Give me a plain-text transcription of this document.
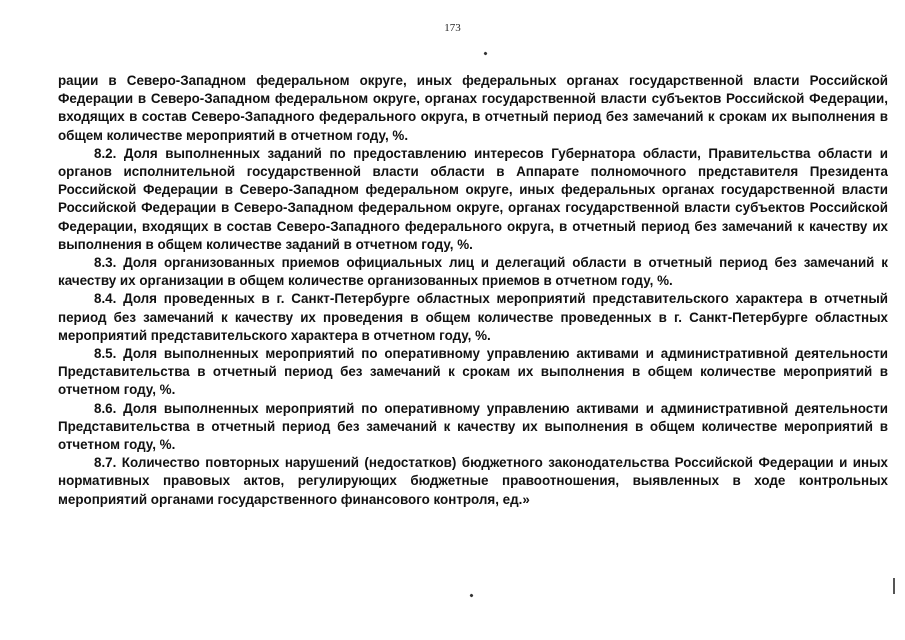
173

рации в Северо-Западном федеральном округе, иных федеральных органах государственной власти Российской Федерации в Северо-Западном федеральном округе, органах государственной власти субъектов Российской Федерации, входящих в состав Северо-Западного федерального округа, в отчетный период без замечаний к срокам их выполнения в общем количестве мероприятий в отчетном году, %.

8.2. Доля выполненных заданий по предоставлению интересов Губернатора области, Правительства области и органов исполнительной государственной власти области в Аппарате полномочного представителя Президента Российской Федерации в Северо-Западном федеральном округе, иных федеральных органах государственной власти Российской Федерации в Северо-Западном федеральном округе, органах государственной власти субъектов Российской Федерации, входящих в состав Северо-Западного федерального округа, в отчетный период без замечаний к качеству их выполнения в общем количестве заданий в отчетном году, %.

8.3. Доля организованных приемов официальных лиц и делегаций области в отчетный период без замечаний к качеству их организации в общем количестве организованных приемов в отчетном году, %.

8.4. Доля проведенных в г. Санкт-Петербурге областных мероприятий представительского характера в отчетный период без замечаний к качеству их проведения в общем количестве проведенных в г. Санкт-Петербурге областных мероприятий представительского характера в отчетном году, %.

8.5. Доля выполненных мероприятий по оперативному управлению активами и административной деятельности Представительства в отчетный период без замечаний к срокам их выполнения в общем количестве мероприятий в отчетном году, %.

8.6. Доля выполненных мероприятий по оперативному управлению активами и административной деятельности Представительства в отчетный период без замечаний к качеству их выполнения в общем количестве мероприятий в отчетном году, %.

8.7. Количество повторных нарушений (недостатков) бюджетного законодательства Российской Федерации и иных нормативных правовых актов, регулирующих бюджетные правоотношения, выявленных в ходе контрольных мероприятий органами государственного финансового контроля, ед.»
